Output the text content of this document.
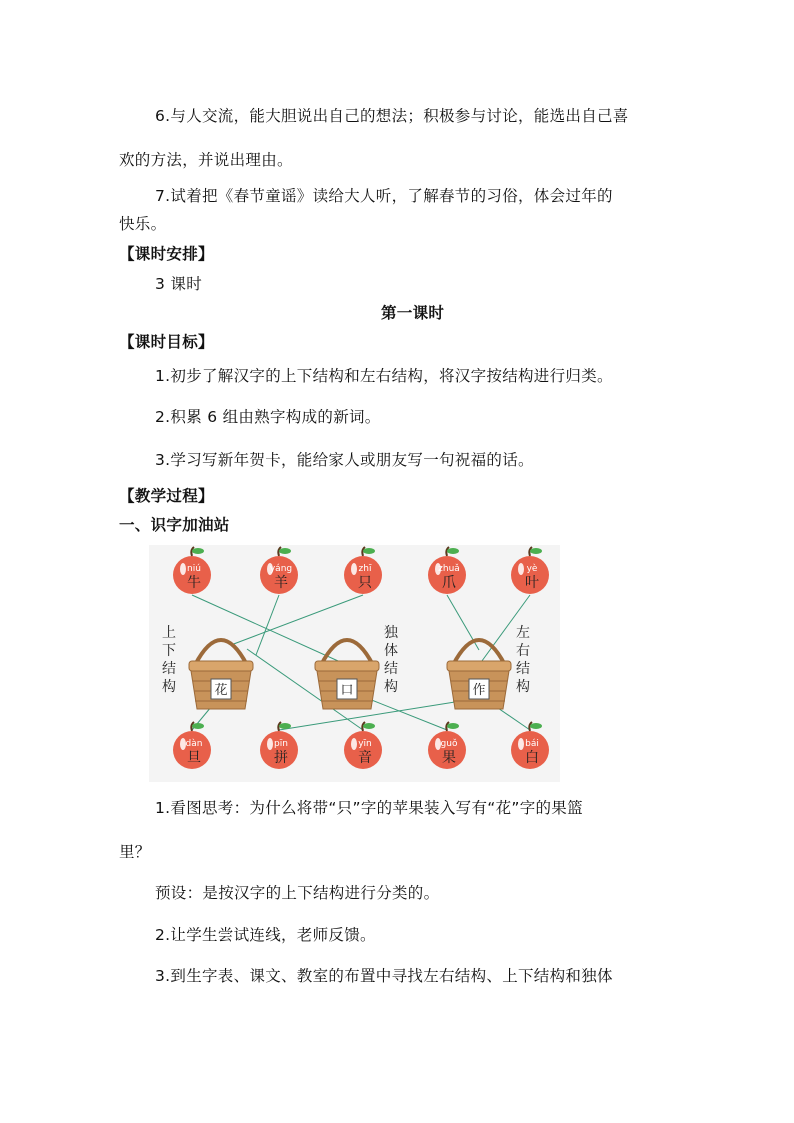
6.与人交流，能大胆说出自己的想法；积极参与讨论，能选出自己喜
欢的方法，并说出理由。
7.试着把《春节童谣》读给大人听，了解春节的习俗，体会过年的
快乐。
【课时安排】
3 课时
第一课时
【课时目标】
1.初步了解汉字的上下结构和左右结构，将汉字按结构进行归类。
2.积累 6 组由熟字构成的新词。
3.学习写新年贺卡，能给家人或朋友写一句祝福的话。
【教学过程】
一、识字加油站
niú
牛
yáng
羊
zhī
只
zhuǎ
爪
yè
叶
dàn
旦
pīn
拼
yīn
音
guǒ
果
bái
白
花
上
下
结
构	口
独
体
结
构	作
左
右
结
构
1.看图思考：为什么将带“只”字的苹果装入写有“花”字的果篮
里？
预设：是按汉字的上下结构进行分类的。
2.让学生尝试连线，老师反馈。
3.到生字表、课文、教室的布置中寻找左右结构、上下结构和独体
